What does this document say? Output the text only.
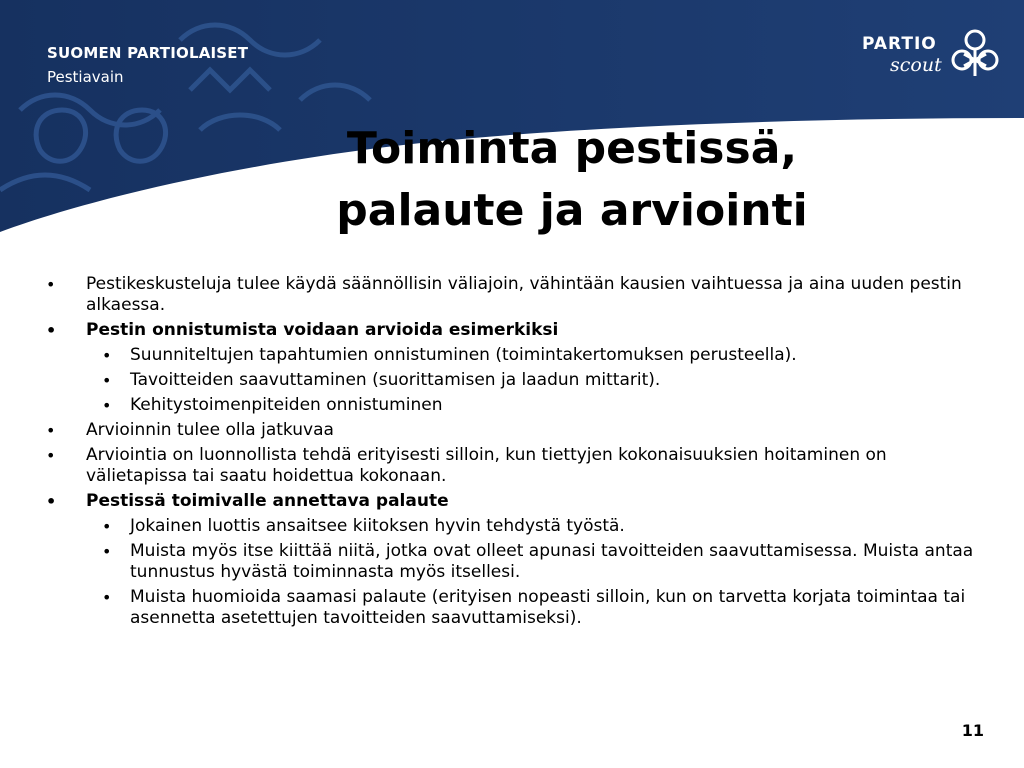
SUOMEN PARTIOLAISET
Pestiavain
PARTIO
scout
Toiminta pestissä,
palaute ja arviointi
• Pestikeskusteluja tulee käydä säännöllisin väliajoin, vähintään kausien vaihtuessa ja aina uuden pestin alkaessa.
• Pestin onnistumista voidaan arvioida esimerkiksi
• Suunniteltujen tapahtumien onnistuminen (toimintakertomuksen perusteella).
• Tavoitteiden saavuttaminen (suorittamisen ja laadun mittarit).
• Kehitystoimenpiteiden onnistuminen
• Arvioinnin tulee olla jatkuvaa
• Arviointia on luonnollista tehdä erityisesti silloin, kun tiettyjen kokonaisuuksien hoitaminen on välietapissa tai saatu hoidettua kokonaan.
• Pestissä toimivalle annettava palaute
• Jokainen luottis ansaitsee kiitoksen hyvin tehdystä työstä.
• Muista myös itse kiittää niitä, jotka ovat olleet apunasi tavoitteiden saavuttamisessa. Muista antaa tunnustus hyvästä toiminnasta myös itsellesi.
• Muista huomioida saamasi palaute (erityisen nopeasti silloin, kun on tarvetta korjata toimintaa tai asennetta asetettujen tavoitteiden saavuttamiseksi).
11
